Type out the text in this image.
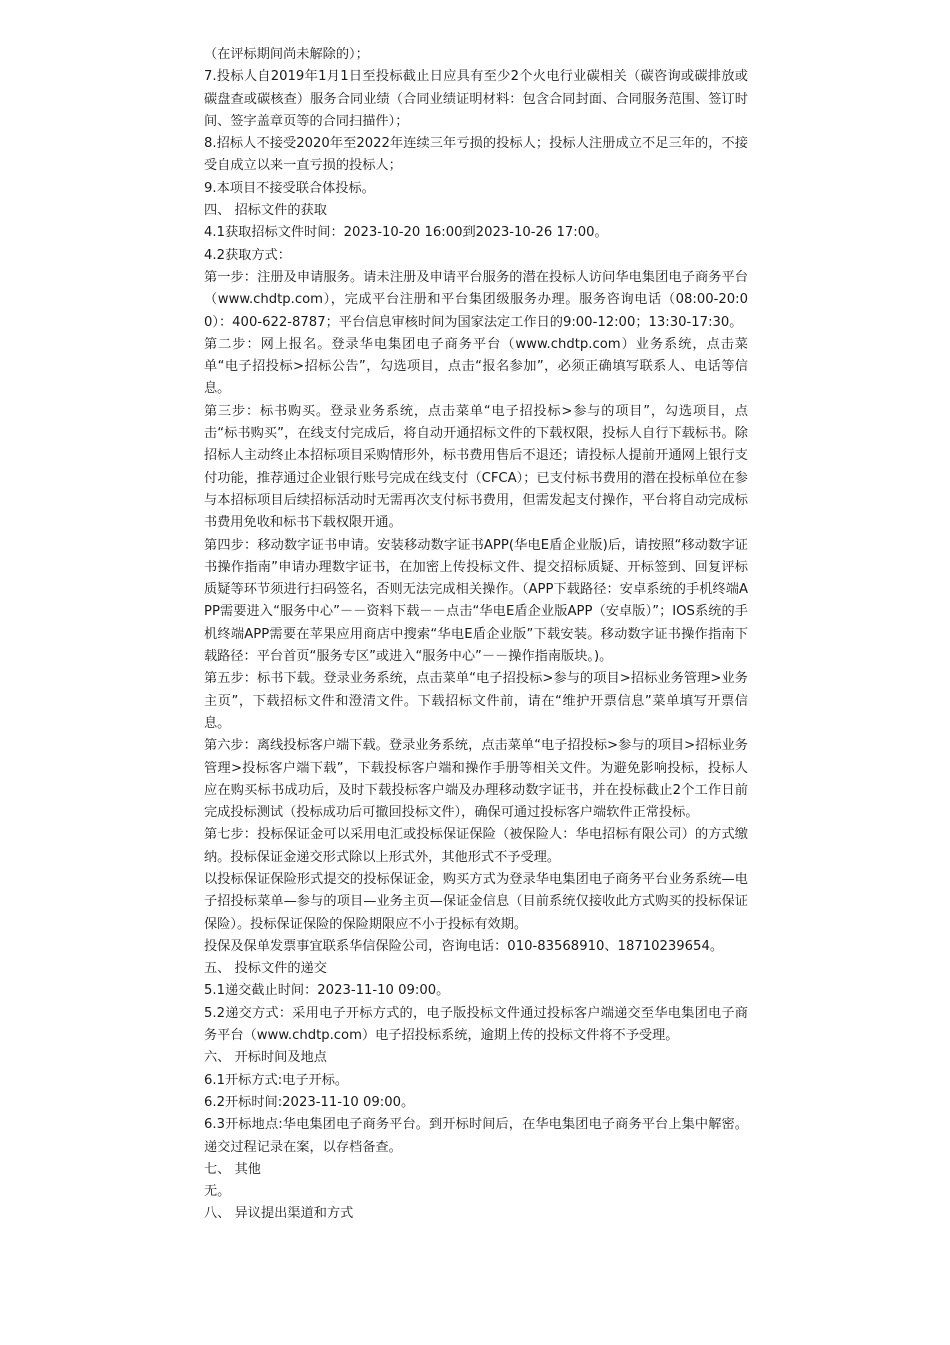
（在评标期间尚未解除的）；

7.投标人自2019年1月1日至投标截止日应具有至少2个火电行业碳相关（碳咨询或碳排放或碳盘查或碳核查）服务合同业绩（合同业绩证明材料：包含合同封面、合同服务范围、签订时间、签字盖章页等的合同扫描件）；

8.招标人不接受2020年至2022年连续三年亏损的投标人；投标人注册成立不足三年的，不接受自成立以来一直亏损的投标人；

9.本项目不接受联合体投标。

四、 招标文件的获取

4.1获取招标文件时间：2023-10-20 16:00到2023-10-26 17:00。

4.2获取方式：

第一步：注册及申请服务。请未注册及申请平台服务的潜在投标人访问华电集团电子商务平台（www.chdtp.com），完成平台注册和平台集团级服务办理。服务咨询电话（08:00-20:00）：400-622-8787；平台信息审核时间为国家法定工作日的9:00-12:00；13:30-17:30。

第二步：网上报名。登录华电集团电子商务平台（www.chdtp.com）业务系统，点击菜单“电子招投标>招标公告”，勾选项目，点击“报名参加”，必须正确填写联系人、电话等信息。

第三步：标书购买。登录业务系统，点击菜单“电子招投标>参与的项目”，勾选项目，点击“标书购买”，在线支付完成后，将自动开通招标文件的下载权限，投标人自行下载标书。除招标人主动终止本招标项目采购情形外，标书费用售后不退还；请投标人提前开通网上银行支付功能，推荐通过企业银行账号完成在线支付（CFCA）；已支付标书费用的潜在投标单位在参与本招标项目后续招标活动时无需再次支付标书费用，但需发起支付操作，平台将自动完成标书费用免收和标书下载权限开通。

第四步：移动数字证书申请。安装移动数字证书APP(华电E盾企业版)后，请按照“移动数字证书操作指南”申请办理数字证书，在加密上传投标文件、提交招标质疑、开标签到、回复评标质疑等环节须进行扫码签名，否则无法完成相关操作。（APP下载路径：安卓系统的手机终端APP需要进入“服务中心”－－资料下载－－点击“华电E盾企业版APP（安卓版）”；IOS系统的手机终端APP需要在苹果应用商店中搜索“华电E盾企业版”下载安装。移动数字证书操作指南下载路径：平台首页“服务专区”或进入“服务中心”－－操作指南版块。)。

第五步：标书下载。登录业务系统，点击菜单“电子招投标>参与的项目>招标业务管理>业务主页”，下载招标文件和澄清文件。下载招标文件前，请在“维护开票信息”菜单填写开票信息。

第六步：离线投标客户端下载。登录业务系统，点击菜单“电子招投标>参与的项目>招标业务管理>投标客户端下载”，下载投标客户端和操作手册等相关文件。为避免影响投标，投标人应在购买标书成功后，及时下载投标客户端及办理移动数字证书，并在投标截止2个工作日前完成投标测试（投标成功后可撤回投标文件），确保可通过投标客户端软件正常投标。

第七步：投标保证金可以采用电汇或投标保证保险（被保险人：华电招标有限公司）的方式缴纳。投标保证金递交形式除以上形式外，其他形式不予受理。

以投标保证保险形式提交的投标保证金，购买方式为登录华电集团电子商务平台业务系统—电子招投标菜单—参与的项目—业务主页—保证金信息（目前系统仅接收此方式购买的投标保证保险）。投标保证保险的保险期限应不小于投标有效期。

投保及保单发票事宜联系华信保险公司，咨询电话：010-83568910、18710239654。

五、 投标文件的递交

5.1递交截止时间：2023-11-10 09:00。

5.2递交方式：采用电子开标方式的，电子版投标文件通过投标客户端递交至华电集团电子商务平台（www.chdtp.com）电子招投标系统，逾期上传的投标文件将不予受理。

六、 开标时间及地点

6.1开标方式:电子开标。

6.2开标时间:2023-11-10 09:00。

6.3开标地点:华电集团电子商务平台。到开标时间后，在华电集团电子商务平台上集中解密。递交过程记录在案，以存档备查。

七、 其他

无。

八、 异议提出渠道和方式
